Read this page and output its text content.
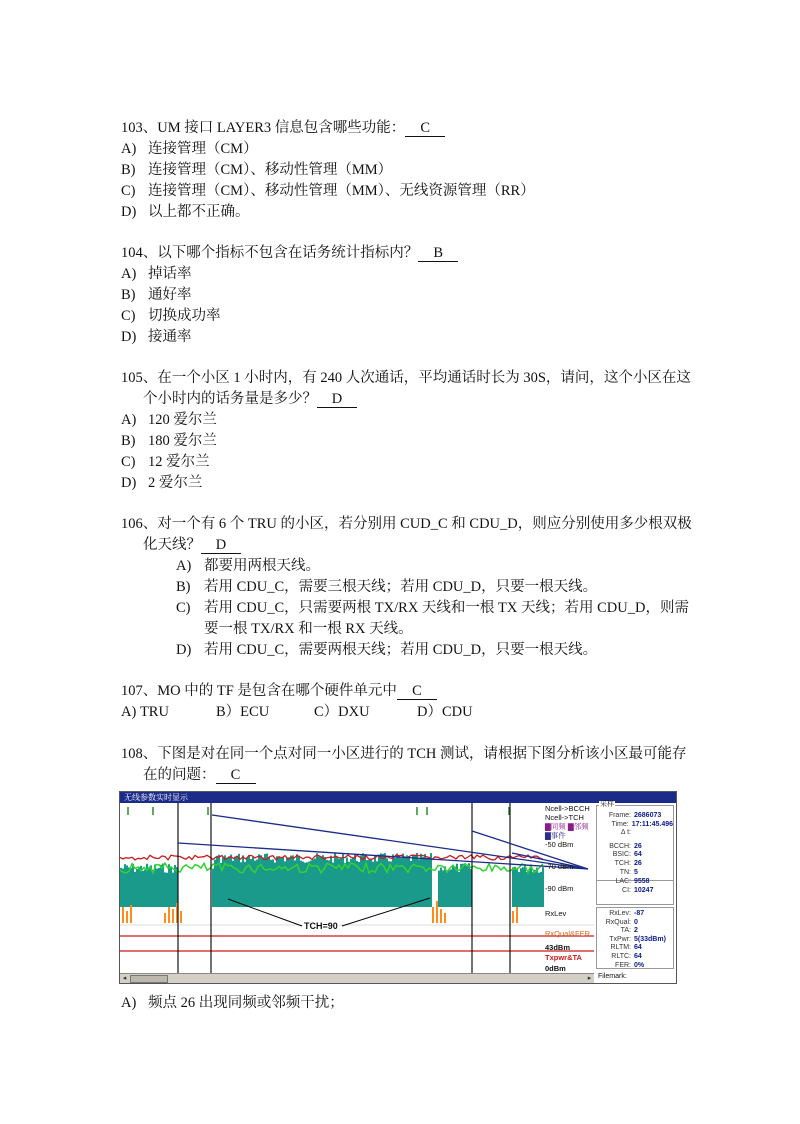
103、UM 接口 LAYER3 信息包含哪些功能： C
A) 连接管理（CM）
B) 连接管理（CM）、移动性管理（MM）
C) 连接管理（CM）、移动性管理（MM）、无线资源管理（RR）
D) 以上都不正确。
104、以下哪个指标不包含在话务统计指标内？ B
A) 掉话率
B) 通好率
C) 切换成功率
D) 接通率
105、在一个小区 1 小时内，有 240 人次通话，平均通话时长为 30S，请问，这个小区在这
个小时内的话务量是多少？ D
A) 120 爱尔兰
B) 180 爱尔兰
C) 12 爱尔兰
D) 2 爱尔兰
106、对一个有 6 个 TRU 的小区，若分别用 CUD_C 和 CDU_D，则应分别使用多少根双极
化天线？ D
A) 都要用两根天线。
B) 若用 CDU_C，需要三根天线；若用 CDU_D，只要一根天线。
C) 若用 CDU_C，只需要两根 TX/RX 天线和一根 TX 天线；若用 CDU_D，则需
要一根 TX/RX 和一根 RX 天线。
D) 若用 CDU_C，需要两根天线；若用 CDU_D，只要一根天线。
107、MO 中的 TF 是包含在哪个硬件单元中 C
A) TRU	B）ECU	C）DXU	D）CDU
108、下图是对在同一个点对同一小区进行的 TCH 测试，请根据下图分析该小区最可能存
在的问题： C
无线参数实时显示
TCH=90
Ncell->BCCH
Ncell->TCH
▇同频 ▇邻频
▇事件
-50 dBm
-70 dBm
-90 dBm
RxLev
RxQual&FER
43dBm
Txpwr&TA
0dBm
采样
Frame: 2686073
Time: 17:11:45.496
Δ t:
BCCH: 26
BSIC: 64
TCH: 26
TN: 5
LAC: 9558
CI: 10247
RxLev: -87
RxQual: 0
TA: 2
TxPwr: 5(33dBm)
RLTM: 64
RLTC: 64
FER: 0%
Filemark:
◂	▸
A) 频点 26 出现同频或邻频干扰；
